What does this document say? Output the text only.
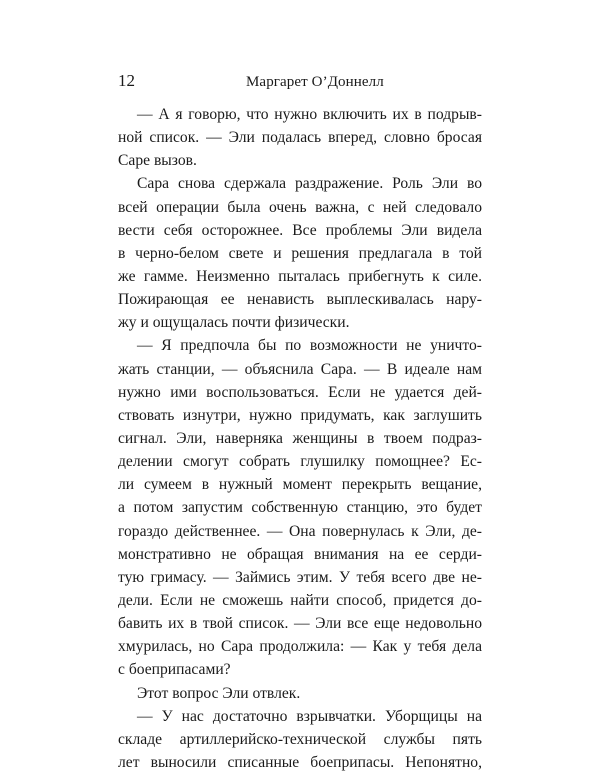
12	Маргарет О’Доннелл
— А я говорю, что нужно включить их в подрыв-
ной список. — Эли подалась вперед, словно бросая
Саре вызов.
Сара снова сдержала раздражение. Роль Эли во
всей операции была очень важна, с ней следовало
вести себя осторожнее. Все проблемы Эли видела
в черно-белом свете и решения предлагала в той
же гамме. Неизменно пыталась прибегнуть к силе.
Пожирающая ее ненависть выплескивалась нару-
жу и ощущалась почти физически.
— Я предпочла бы по возможности не уничто-
жать станции, — объяснила Сара. — В идеале нам
нужно ими воспользоваться. Если не удается дей-
ствовать изнутри, нужно придумать, как заглушить
сигнал. Эли, наверняка женщины в твоем подраз-
делении смогут собрать глушилку помощнее? Ес-
ли сумеем в нужный момент перекрыть вещание,
а потом запустим собственную станцию, это будет
гораздо действеннее. — Она повернулась к Эли, де-
монстративно не обращая внимания на ее серди-
тую гримасу. — Займись этим. У тебя всего две не-
дели. Если не сможешь найти способ, придется до-
бавить их в твой список. — Эли все еще недовольно
хмурилась, но Сара продолжила: — Как у тебя дела
с боеприпасами?
Этот вопрос Эли отвлек.
— У нас достаточно взрывчатки. Уборщицы на
складе артиллерийско-технической службы пять
лет выносили списанные боеприпасы. Непонятно,
